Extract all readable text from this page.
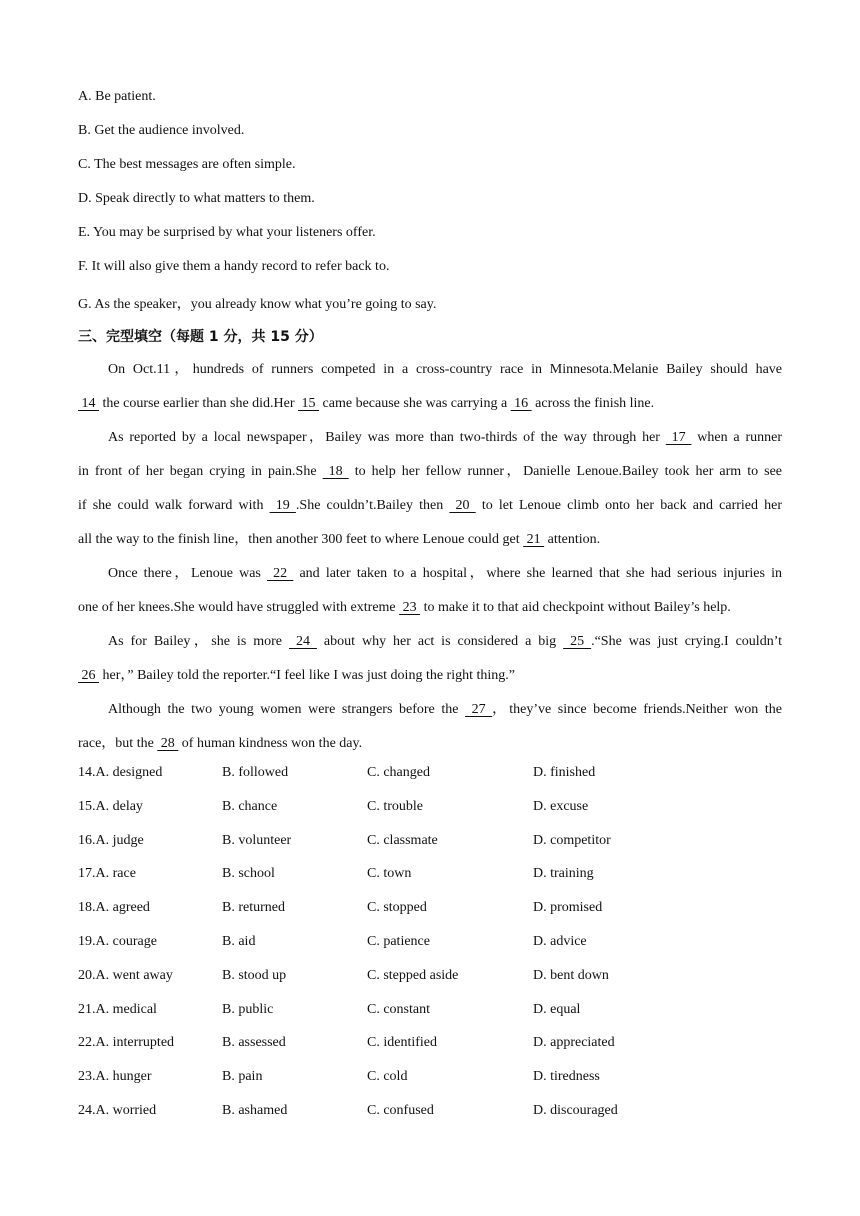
A. Be patient.
B. Get the audience involved.
C. The best messages are often simple.
D. Speak directly to what matters to them.
E. You may be surprised by what your listeners offer.
F. It will also give them a handy record to refer back to.
G. As the speaker，you already know what you’re going to say.
三、完型填空（每题 1 分，共 15 分）
On Oct.11，hundreds of runners competed in a cross-country race in Minnesota.Melanie Bailey should have
14  the course earlier than she did.Her  15  came because she was carrying a  16  across the finish line.
As reported by a local newspaper，Bailey was more than two-thirds of the way through her  17  when a runner
in front of her began crying in pain.She  18  to help her fellow runner，Danielle Lenoue.Bailey took her arm to see
if she could walk forward with  19 .She couldn’t.Bailey then  20  to let Lenoue climb onto her back and carried her
all the way to the finish line，then another 300 feet to where Lenoue could get  21  attention.
Once there，Lenoue was  22  and later taken to a hospital，where she learned that she had serious injuries in
one of her knees.She would have struggled with extreme  23  to make it to that aid checkpoint without Bailey’s help.
As for Bailey，she is more  24  about why her act is considered a big  25 .“She was just crying.I couldn’t
26  her，” Bailey told the reporter.“I feel like I was just doing the right thing.”
Although the two young women were strangers before the  27 ，they’ve since become friends.Neither won the
race，but the  28  of human kindness won the day.
14.A. designed	B. followed	C. changed	D. finished
15.A. delay	B. chance	C. trouble	D. excuse
16.A. judge	B. volunteer	C. classmate	D. competitor
17.A. race	B. school	C. town	D. training
18.A. agreed	B. returned	C. stopped	D. promised
19.A. courage	B. aid	C. patience	D. advice
20.A. went away	B. stood up	C. stepped aside	D. bent down
21.A. medical	B. public	C. constant	D. equal
22.A. interrupted	B. assessed	C. identified	D. appreciated
23.A. hunger	B. pain	C. cold	D. tiredness
24.A. worried	B. ashamed	C. confused	D. discouraged
